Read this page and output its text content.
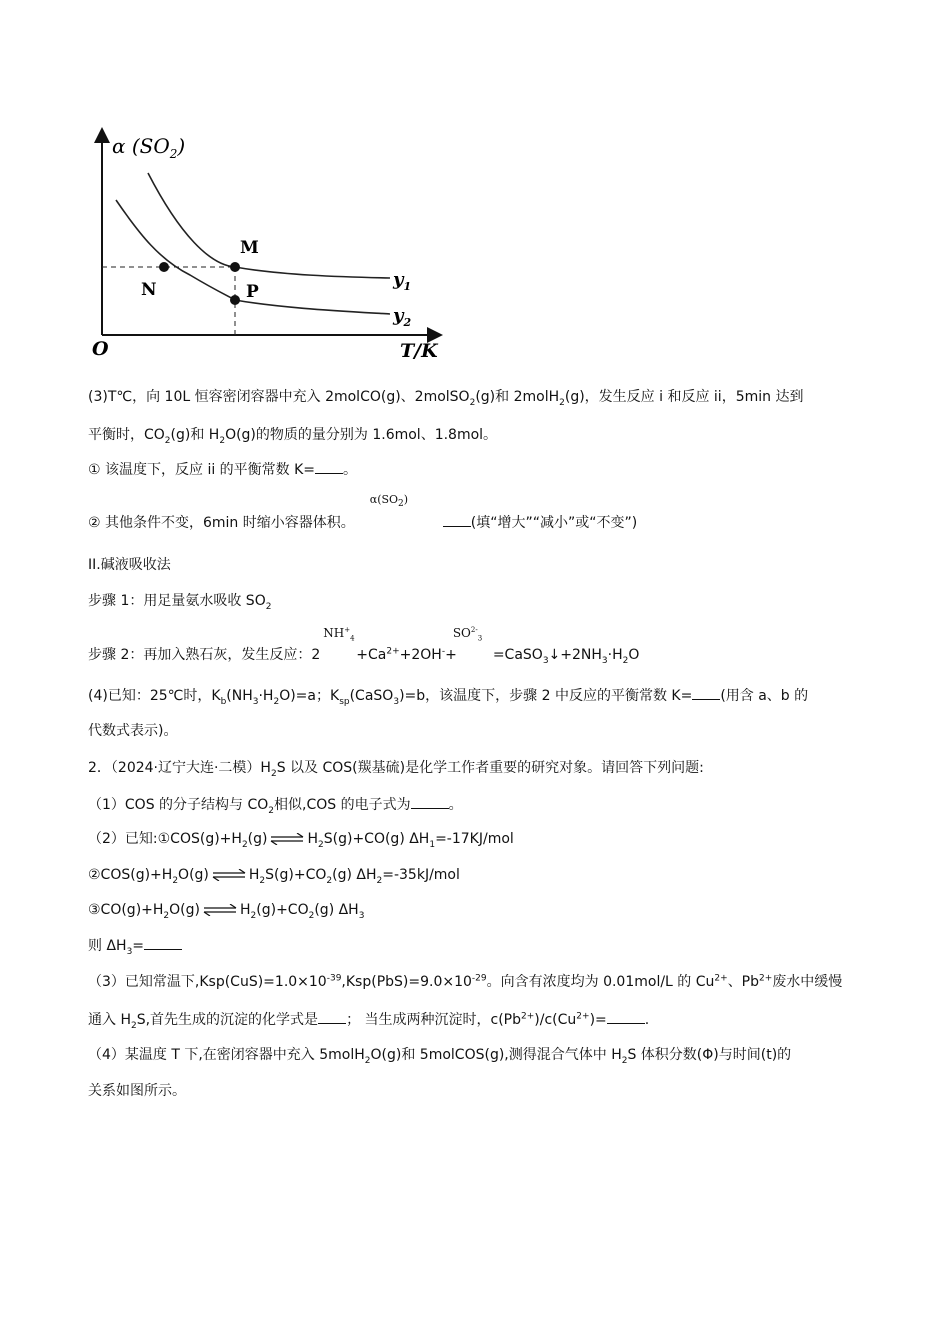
α $(SO_2)$
T/K
O
M
N	P
$y_1$
$y_2$
(3)T℃，向 10L 恒容密闭容器中充入 2molCO(g)、2molSO$_2$(g)和 2molH$_2$(g)，发生反应 i 和反应 ii，5min 达到
平衡时，$CO_2(g)$和 $H_2O(g)$的物质的量分别为 1.6mol、1.8mol。
① 该温度下，反应 ii 的平衡常数 K= 。
② 其他条件不变，6min 时缩小容器体积。
$\alpha(SO_2)$
(填“增大”“减小”或“不变”)
II.碱液吸收法
步骤 1：用足量氨水吸收 $SO_2$
步骤 2：再加入熟石灰，发生反应：2
$NH^+_4$
$+Ca^{2+}+2OH^-+$
$SO^{2-}_3$
$=CaSO_3↓+2NH_3\cdot H_2O$
(4)已知：25℃时，$K_b(NH_3\cdot H_2O)=a$；$K_{sp}(CaSO_3)=b$，该温度下，步骤 2 中反应的平衡常数 K= (用含 a、b 的
代数式表示)。
2．（2024·辽宁大连·二模）$H_2S$ 以及 COS(羰基硫)是化学工作者重要的研究对象。请回答下列问题:
（1）COS 的分子结构与 $CO_2$相似,COS 的电子式为	。
（2）已知$:①COS(g)+H_2(g)$ ⇌ $H_2S(g)+CO(g)$ $\Delta H_1=-17KJ$/mol
$②COS(g)+H_2O(g)$ ⇌ $H_2S(g)+CO_2(g)$ $\Delta H_2=-35kJ$/mol
$③CO(g)+H_2O(g)$ ⇌ $H_2(g)+CO_2(g)$ $\Delta H_3$
则 $\Delta H_3=$
（3）已知常温下$,Ksp(CuS)=1.0\times 10^{-39},Ksp(PbS)=9.0\times 10^{-29}$。向含有浓度均为 0.01mol/L 的 $Cu^{2+}$、$Pb^{2+}$废水中缓慢
通入 $H_2S$,首先生成的沉淀的化学式是 ； 当生成两种沉淀时，$c(Pb^{2+})/c(Cu^{2+})=$	.
（4）某温度 T 下,在密闭容器中充入 5molH$_2$O(g)和 5molCOS(g),测得混合气体中 $H_2S$ 体积分数(Φ)与时间(t)的
关系如图所示。
